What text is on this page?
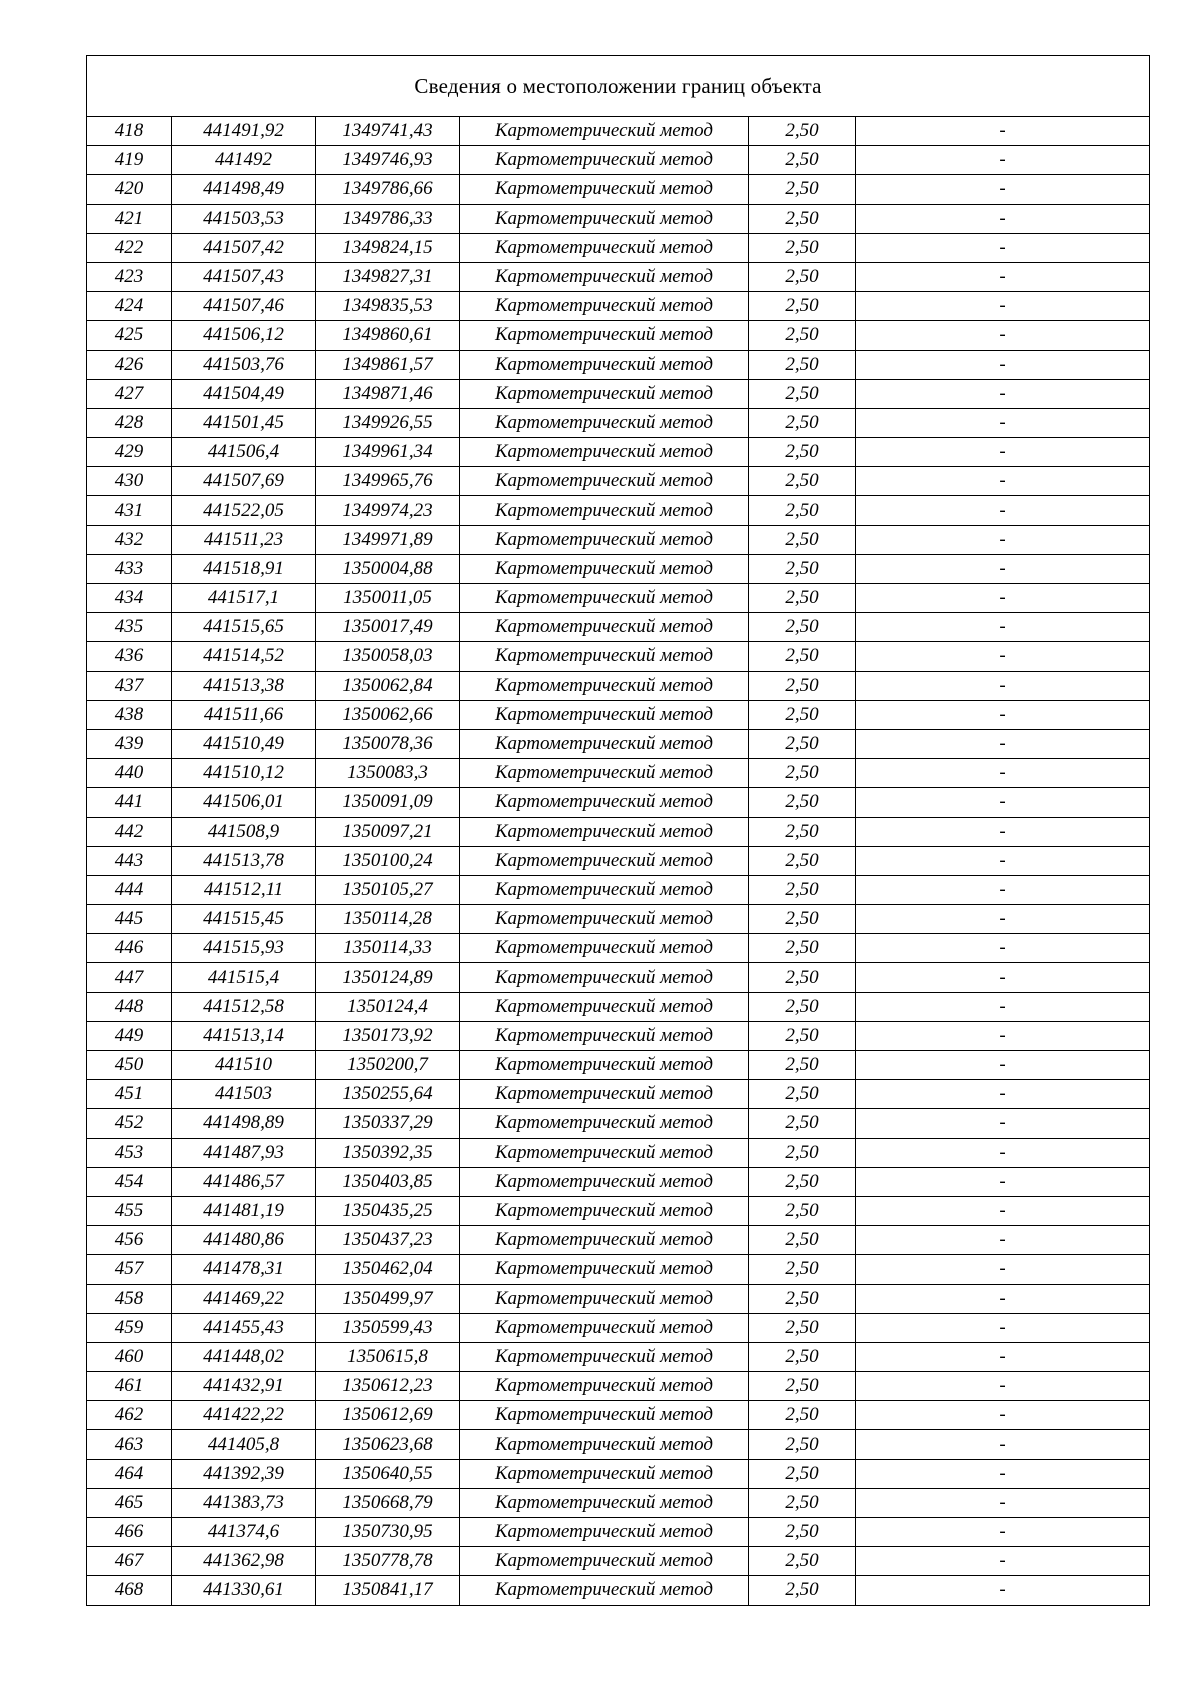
Сведения о местоположении границ объекта					
418	441491,92	1349741,43	Картометрический метод	2,50	-
419	441492	1349746,93	Картометрический метод	2,50	-
420	441498,49	1349786,66	Картометрический метод	2,50	-
421	441503,53	1349786,33	Картометрический метод	2,50	-
422	441507,42	1349824,15	Картометрический метод	2,50	-
423	441507,43	1349827,31	Картометрический метод	2,50	-
424	441507,46	1349835,53	Картометрический метод	2,50	-
425	441506,12	1349860,61	Картометрический метод	2,50	-
426	441503,76	1349861,57	Картометрический метод	2,50	-
427	441504,49	1349871,46	Картометрический метод	2,50	-
428	441501,45	1349926,55	Картометрический метод	2,50	-
429	441506,4	1349961,34	Картометрический метод	2,50	-
430	441507,69	1349965,76	Картометрический метод	2,50	-
431	441522,05	1349974,23	Картометрический метод	2,50	-
432	441511,23	1349971,89	Картометрический метод	2,50	-
433	441518,91	1350004,88	Картометрический метод	2,50	-
434	441517,1	1350011,05	Картометрический метод	2,50	-
435	441515,65	1350017,49	Картометрический метод	2,50	-
436	441514,52	1350058,03	Картометрический метод	2,50	-
437	441513,38	1350062,84	Картометрический метод	2,50	-
438	441511,66	1350062,66	Картометрический метод	2,50	-
439	441510,49	1350078,36	Картометрический метод	2,50	-
440	441510,12	1350083,3	Картометрический метод	2,50	-
441	441506,01	1350091,09	Картометрический метод	2,50	-
442	441508,9	1350097,21	Картометрический метод	2,50	-
443	441513,78	1350100,24	Картометрический метод	2,50	-
444	441512,11	1350105,27	Картометрический метод	2,50	-
445	441515,45	1350114,28	Картометрический метод	2,50	-
446	441515,93	1350114,33	Картометрический метод	2,50	-
447	441515,4	1350124,89	Картометрический метод	2,50	-
448	441512,58	1350124,4	Картометрический метод	2,50	-
449	441513,14	1350173,92	Картометрический метод	2,50	-
450	441510	1350200,7	Картометрический метод	2,50	-
451	441503	1350255,64	Картометрический метод	2,50	-
452	441498,89	1350337,29	Картометрический метод	2,50	-
453	441487,93	1350392,35	Картометрический метод	2,50	-
454	441486,57	1350403,85	Картометрический метод	2,50	-
455	441481,19	1350435,25	Картометрический метод	2,50	-
456	441480,86	1350437,23	Картометрический метод	2,50	-
457	441478,31	1350462,04	Картометрический метод	2,50	-
458	441469,22	1350499,97	Картометрический метод	2,50	-
459	441455,43	1350599,43	Картометрический метод	2,50	-
460	441448,02	1350615,8	Картометрический метод	2,50	-
461	441432,91	1350612,23	Картометрический метод	2,50	-
462	441422,22	1350612,69	Картометрический метод	2,50	-
463	441405,8	1350623,68	Картометрический метод	2,50	-
464	441392,39	1350640,55	Картометрический метод	2,50	-
465	441383,73	1350668,79	Картометрический метод	2,50	-
466	441374,6	1350730,95	Картометрический метод	2,50	-
467	441362,98	1350778,78	Картометрический метод	2,50	-
468	441330,61	1350841,17	Картометрический метод	2,50	-
